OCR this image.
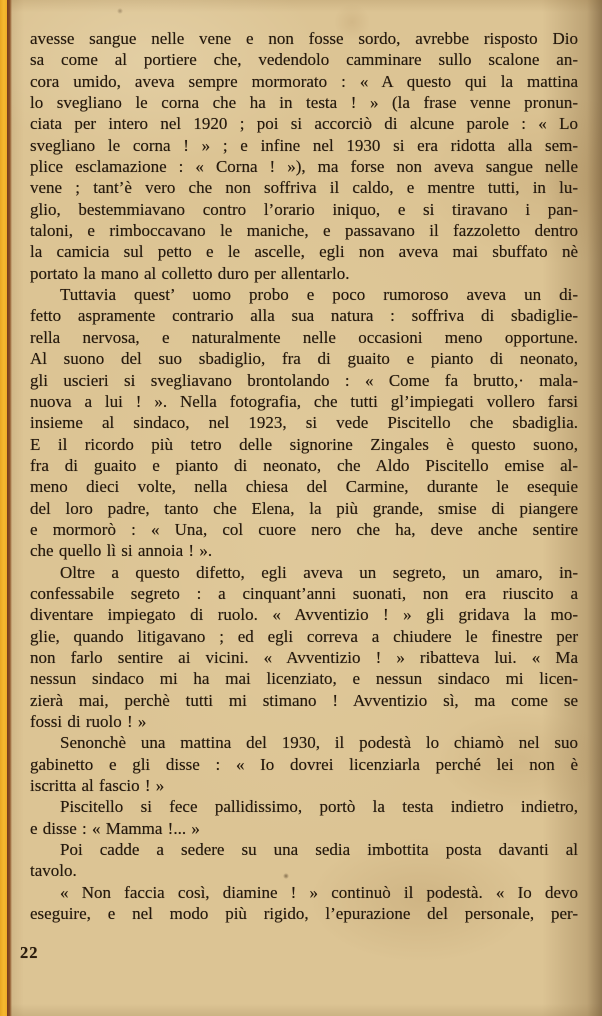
avesse sangue nelle vene e non fosse sordo, avrebbe risposto Dio
sa come al portiere che, vedendolo camminare sullo scalone an-
cora umido, aveva sempre mormorato : « A questo qui la mattina
lo svegliano le corna che ha in testa ! » (la frase venne pronun-
ciata per intero nel 1920 ; poi si accorciò di alcune parole : « Lo
svegliano le corna ! » ; e infine nel 1930 si era ridotta alla sem-
plice esclamazione : « Corna ! »), ma forse non aveva sangue nelle
vene ; tant’è vero che non soffriva il caldo, e mentre tutti, in lu-
glio, bestemmiavano contro l’orario iniquo, e si tiravano i pan-
taloni, e rimboccavano le maniche, e passavano il fazzoletto dentro
la camicia sul petto e le ascelle, egli non aveva mai sbuffato nè
portato la mano al colletto duro per allentarlo.
Tuttavia quest’ uomo probo e poco rumoroso aveva un di-
fetto aspramente contrario alla sua natura : soffriva di sbadiglie-
rella nervosa, e naturalmente nelle occasioni meno opportune.
Al suono del suo sbadiglio, fra di guaito e pianto di neonato,
gli uscieri si svegliavano brontolando : « Come fa brutto,· mala-
nuova a lui ! ». Nella fotografia, che tutti gl’impiegati vollero farsi
insieme al sindaco, nel 1923, si vede Piscitello che sbadiglia.
E il ricordo più tetro delle signorine Zingales è questo suono,
fra di guaito e pianto di neonato, che Aldo Piscitello emise al-
meno dieci volte, nella chiesa del Carmine, durante le esequie
del loro padre, tanto che Elena, la più grande, smise di piangere
e mormorò : « Una, col cuore nero che ha, deve anche sentire
che quello lì si annoia ! ».
Oltre a questo difetto, egli aveva un segreto, un amaro, in-
confessabile segreto : a cinquant’anni suonati, non era riuscito a
diventare impiegato di ruolo. « Avventizio ! » gli gridava la mo-
glie, quando litigavano ; ed egli correva a chiudere le finestre per
non farlo sentire ai vicini. « Avventizio ! » ribatteva lui. « Ma
nessun sindaco mi ha mai licenziato, e nessun sindaco mi licen-
zierà mai, perchè tutti mi stimano ! Avventizio sì, ma come se
fossi di ruolo ! »
Senonchè una mattina del 1930, il podestà lo chiamò nel suo
gabinetto e gli disse : « Io dovrei licenziarla perché lei non è
iscritta al fascio ! »
Piscitello si fece pallidissimo, portò la testa indietro indietro,
e disse : « Mamma !... »
Poi cadde a sedere su una sedia imbottita posta davanti al
tavolo.
« Non faccia così, diamine ! » continuò il podestà. « Io devo
eseguire, e nel modo più rigido, l’epurazione del personale, per-
22
